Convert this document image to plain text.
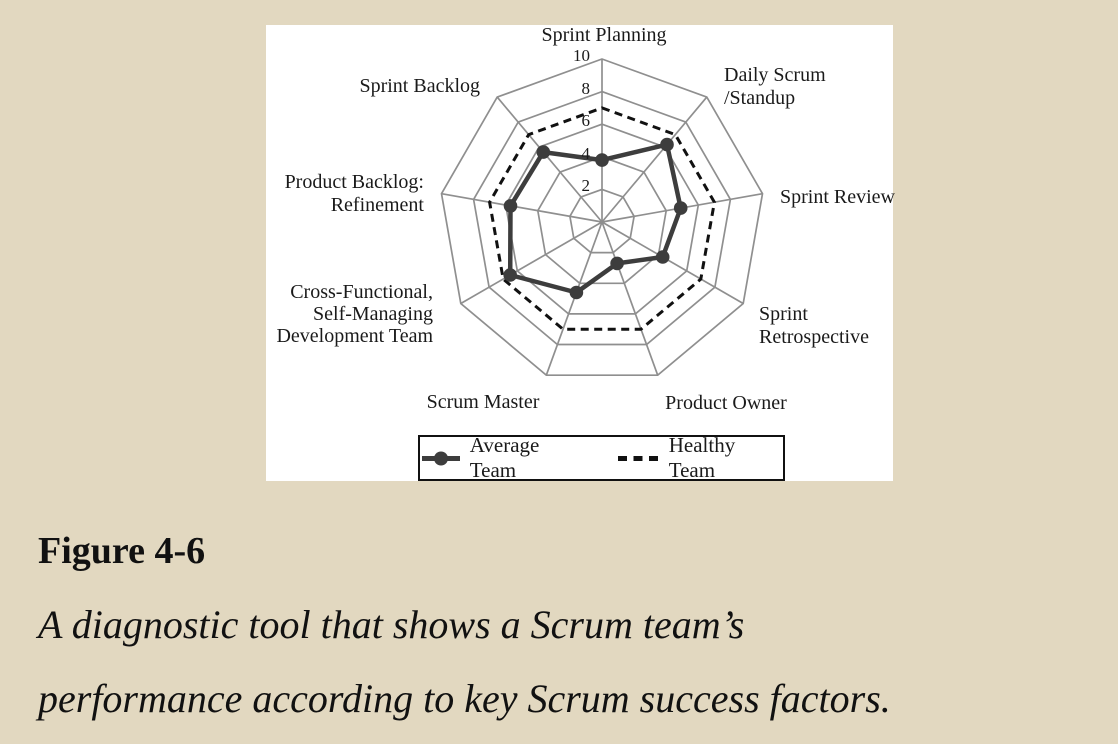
Sprint Planning
Daily Scrum
/Standup
Sprint Review
Sprint
Retrospective
Product Owner
Scrum Master
Cross-Functional,
Self-Managing
Development Team
Product Backlog:
Refinement
Sprint Backlog
10
8
6
4
2
Average Team
Healthy Team
Figure 4-6
A diagnostic tool that shows a Scrum team’s
performance according to key Scrum success factors.
